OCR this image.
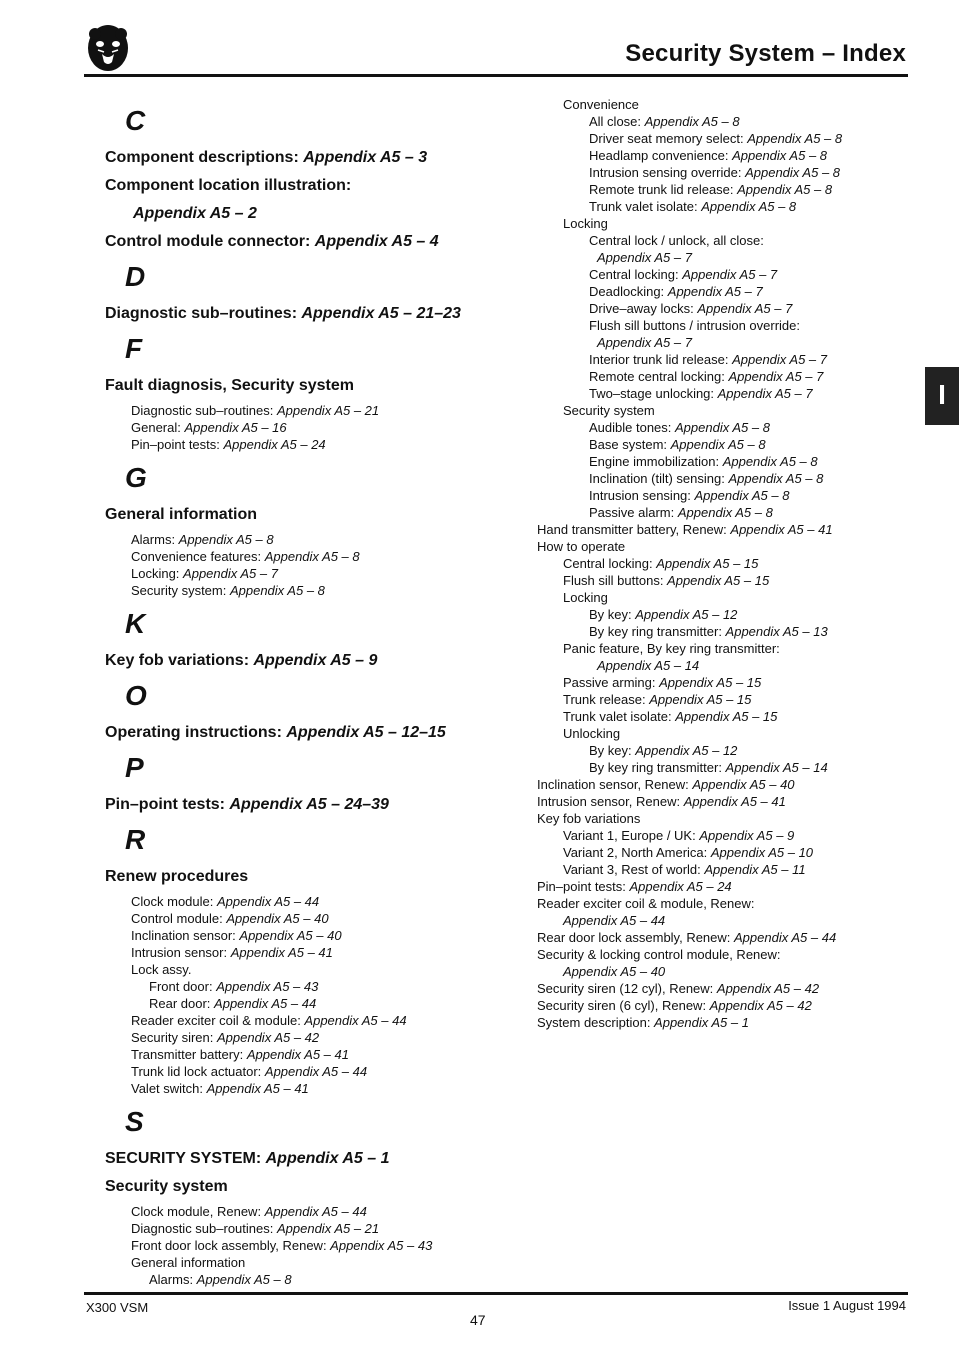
Security System – Index
C
Component descriptions: Appendix A5 – 3
Component location illustration:
Appendix A5 – 2
Control module connector: Appendix A5 – 4
D
Diagnostic sub–routines: Appendix A5 – 21–23
F
Fault diagnosis, Security system
Diagnostic sub–routines: Appendix A5 – 21
General: Appendix A5 – 16
Pin–point tests: Appendix A5 – 24
G
General information
Alarms: Appendix A5 – 8
Convenience features: Appendix A5 – 8
Locking: Appendix A5 – 7
Security system: Appendix A5 – 8
K
Key fob variations: Appendix A5 – 9
O
Operating instructions: Appendix A5 – 12–15
P
Pin–point tests: Appendix A5 – 24–39
R
Renew procedures
Clock module: Appendix A5 – 44
Control module: Appendix A5 – 40
Inclination sensor: Appendix A5 – 40
Intrusion sensor: Appendix A5 – 41
Lock assy.
Front door: Appendix A5 – 43
Rear door: Appendix A5 – 44
Reader exciter coil & module: Appendix A5 – 44
Security siren: Appendix A5 – 42
Transmitter battery: Appendix A5 – 41
Trunk lid lock actuator: Appendix A5 – 44
Valet switch: Appendix A5 – 41
S
SECURITY SYSTEM: Appendix A5 – 1
Security system
Clock module, Renew: Appendix A5 – 44
Diagnostic sub–routines: Appendix A5 – 21
Front door lock assembly, Renew: Appendix A5 – 43
General information
Alarms: Appendix A5 – 8
Convenience
All close: Appendix A5 – 8
Driver seat memory select: Appendix A5 – 8
Headlamp convenience: Appendix A5 – 8
Intrusion sensing override: Appendix A5 – 8
Remote trunk lid release: Appendix A5 – 8
Trunk valet isolate: Appendix A5 – 8
Locking
Central lock / unlock, all close:
Appendix A5 – 7
Central locking: Appendix A5 – 7
Deadlocking: Appendix A5 – 7
Drive–away locks: Appendix A5 – 7
Flush sill buttons / intrusion override:
Appendix A5 – 7
Interior trunk lid release: Appendix A5 – 7
Remote central locking: Appendix A5 – 7
Two–stage unlocking: Appendix A5 – 7
Security system
Audible tones: Appendix A5 – 8
Base system: Appendix A5 – 8
Engine immobilization: Appendix A5 – 8
Inclination (tilt) sensing: Appendix A5 – 8
Intrusion sensing: Appendix A5 – 8
Passive alarm: Appendix A5 – 8
Hand transmitter battery, Renew: Appendix A5 – 41
How to operate
Central locking: Appendix A5 – 15
Flush sill buttons: Appendix A5 – 15
Locking
By key: Appendix A5 – 12
By key ring transmitter: Appendix A5 – 13
Panic feature, By key ring transmitter:
Appendix A5 – 14
Passive arming: Appendix A5 – 15
Trunk release: Appendix A5 – 15
Trunk valet isolate: Appendix A5 – 15
Unlocking
By key: Appendix A5 – 12
By key ring transmitter: Appendix A5 – 14
Inclination sensor, Renew: Appendix A5 – 40
Intrusion sensor, Renew: Appendix A5 – 41
Key fob variations
Variant 1, Europe / UK: Appendix A5 – 9
Variant 2, North America: Appendix A5 – 10
Variant 3, Rest of world: Appendix A5 – 11
Pin–point tests: Appendix A5 – 24
Reader exciter coil & module, Renew:
Appendix A5 – 44
Rear door lock assembly, Renew: Appendix A5 – 44
Security & locking control module, Renew:
Appendix A5 – 40
Security siren (12 cyl), Renew: Appendix A5 – 42
Security siren (6 cyl), Renew: Appendix A5 – 42
System description: Appendix A5 – 1
I
X300 VSM
47
Issue 1 August 1994
